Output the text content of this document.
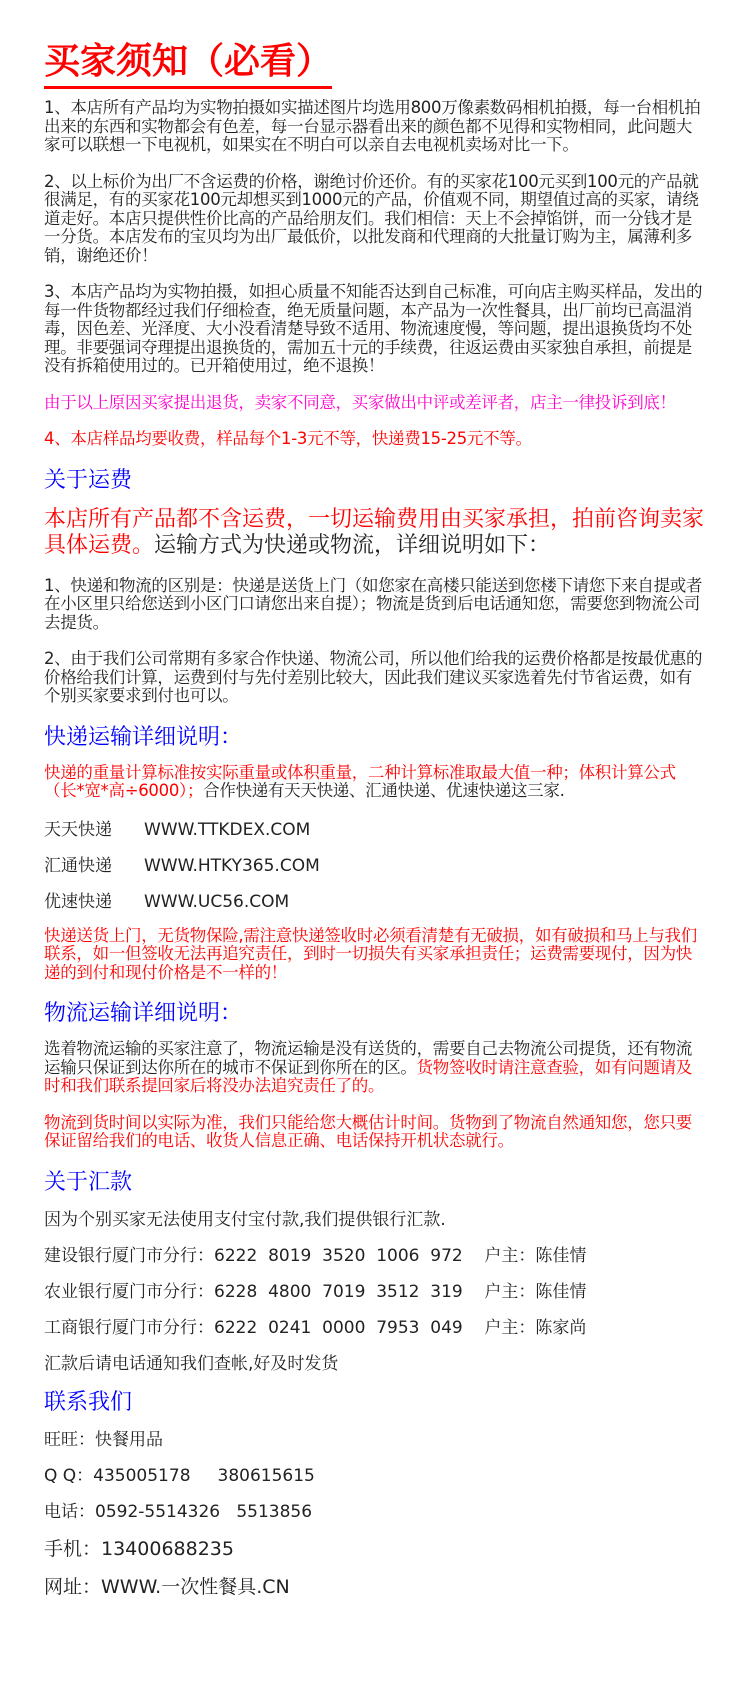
买家须知（必看）

1、本店所有产品均为实物拍摄如实描述图片均选用800万像素数码相机拍摄，每一台相机拍出来的东西和实物都会有色差，每一台显示器看出来的颜色都不见得和实物相同，此问题大家可以联想一下电视机，如果实在不明白可以亲自去电视机卖场对比一下。

2、以上标价为出厂不含运费的价格，谢绝讨价还价。有的买家花100元买到100元的产品就很满足，有的买家花100元却想买到1000元的产品，价值观不同，期望值过高的买家，请绕道走好。本店只提供性价比高的产品给朋友们。我们相信：天上不会掉馅饼，而一分钱才是一分货。本店发布的宝贝均为出厂最低价，以批发商和代理商的大批量订购为主，属薄利多销，谢绝还价！

3、本店产品均为实物拍摄，如担心质量不知能否达到自己标准，可向店主购买样品，发出的每一件货物都经过我们仔细检查，绝无质量问题，本产品为一次性餐具，出厂前均已高温消毒，因色差、光泽度、大小没看清楚导致不适用、物流速度慢，等问题，提出退换货均不处理。非要强词夺理提出退换货的，需加五十元的手续费，往返运费由买家独自承担，前提是没有拆箱使用过的。已开箱使用过，绝不退换！

由于以上原因买家提出退货，卖家不同意，买家做出中评或差评者，店主一律投诉到底！

4、本店样品均要收费，样品每个1-3元不等，快递费15-25元不等。

关于运费

本店所有产品都不含运费，一切运输费用由买家承担，拍前咨询卖家具体运费。运输方式为快递或物流，详细说明如下：

1、快递和物流的区别是：快递是送货上门（如您家在高楼只能送到您楼下请您下来自提或者在小区里只给您送到小区门口请您出来自提）；物流是货到后电话通知您，需要您到物流公司去提货。

2、由于我们公司常期有多家合作快递、物流公司，所以他们给我的运费价格都是按最优惠的价格给我们计算，运费到付与先付差别比较大，因此我们建议买家选着先付节省运费，如有个别买家要求到付也可以。

快递运输详细说明：

快递的重量计算标准按实际重量或体积重量，二种计算标准取最大值一种；体积计算公式（长*宽*高÷6000）；合作快递有天天快递、汇通快递、优速快递这三家.

天天快递 WWW.TTKDEX.COM
汇通快递 WWW.HTKY365.COM
优速快递 WWW.UC56.COM

快递送货上门，无货物保险,需注意快递签收时必须看清楚有无破损，如有破损和马上与我们联系，如一但签收无法再追究责任，到时一切损失有买家承担责任；运费需要现付，因为快递的到付和现付价格是不一样的！

物流运输详细说明：

选着物流运输的买家注意了，物流运输是没有送货的，需要自己去物流公司提货，还有物流运输只保证到达你所在的城市不保证到你所在的区。货物签收时请注意查验，如有问题请及时和我们联系提回家后将没办法追究责任了的。

物流到货时间以实际为准，我们只能给您大概估计时间。货物到了物流自然通知您，您只要保证留给我们的电话、收货人信息正确、电话保持开机状态就行。

关于汇款
因为个别买家无法使用支付宝付款,我们提供银行汇款.
建设银行厦门市分行：6222  8019  3520  1006  972    户主：陈佳情
农业银行厦门市分行：6228  4800  7019  3512  319    户主：陈佳情
工商银行厦门市分行：6222  0241  0000  7953  049    户主：陈家尚
汇款后请电话通知我们查帐,好及时发货
联系我们
旺旺：快餐用品
Q Q：435005178     380615615
电话：0592-5514326   5513856
手机：13400688235
网址：WWW.一次性餐具.CN
